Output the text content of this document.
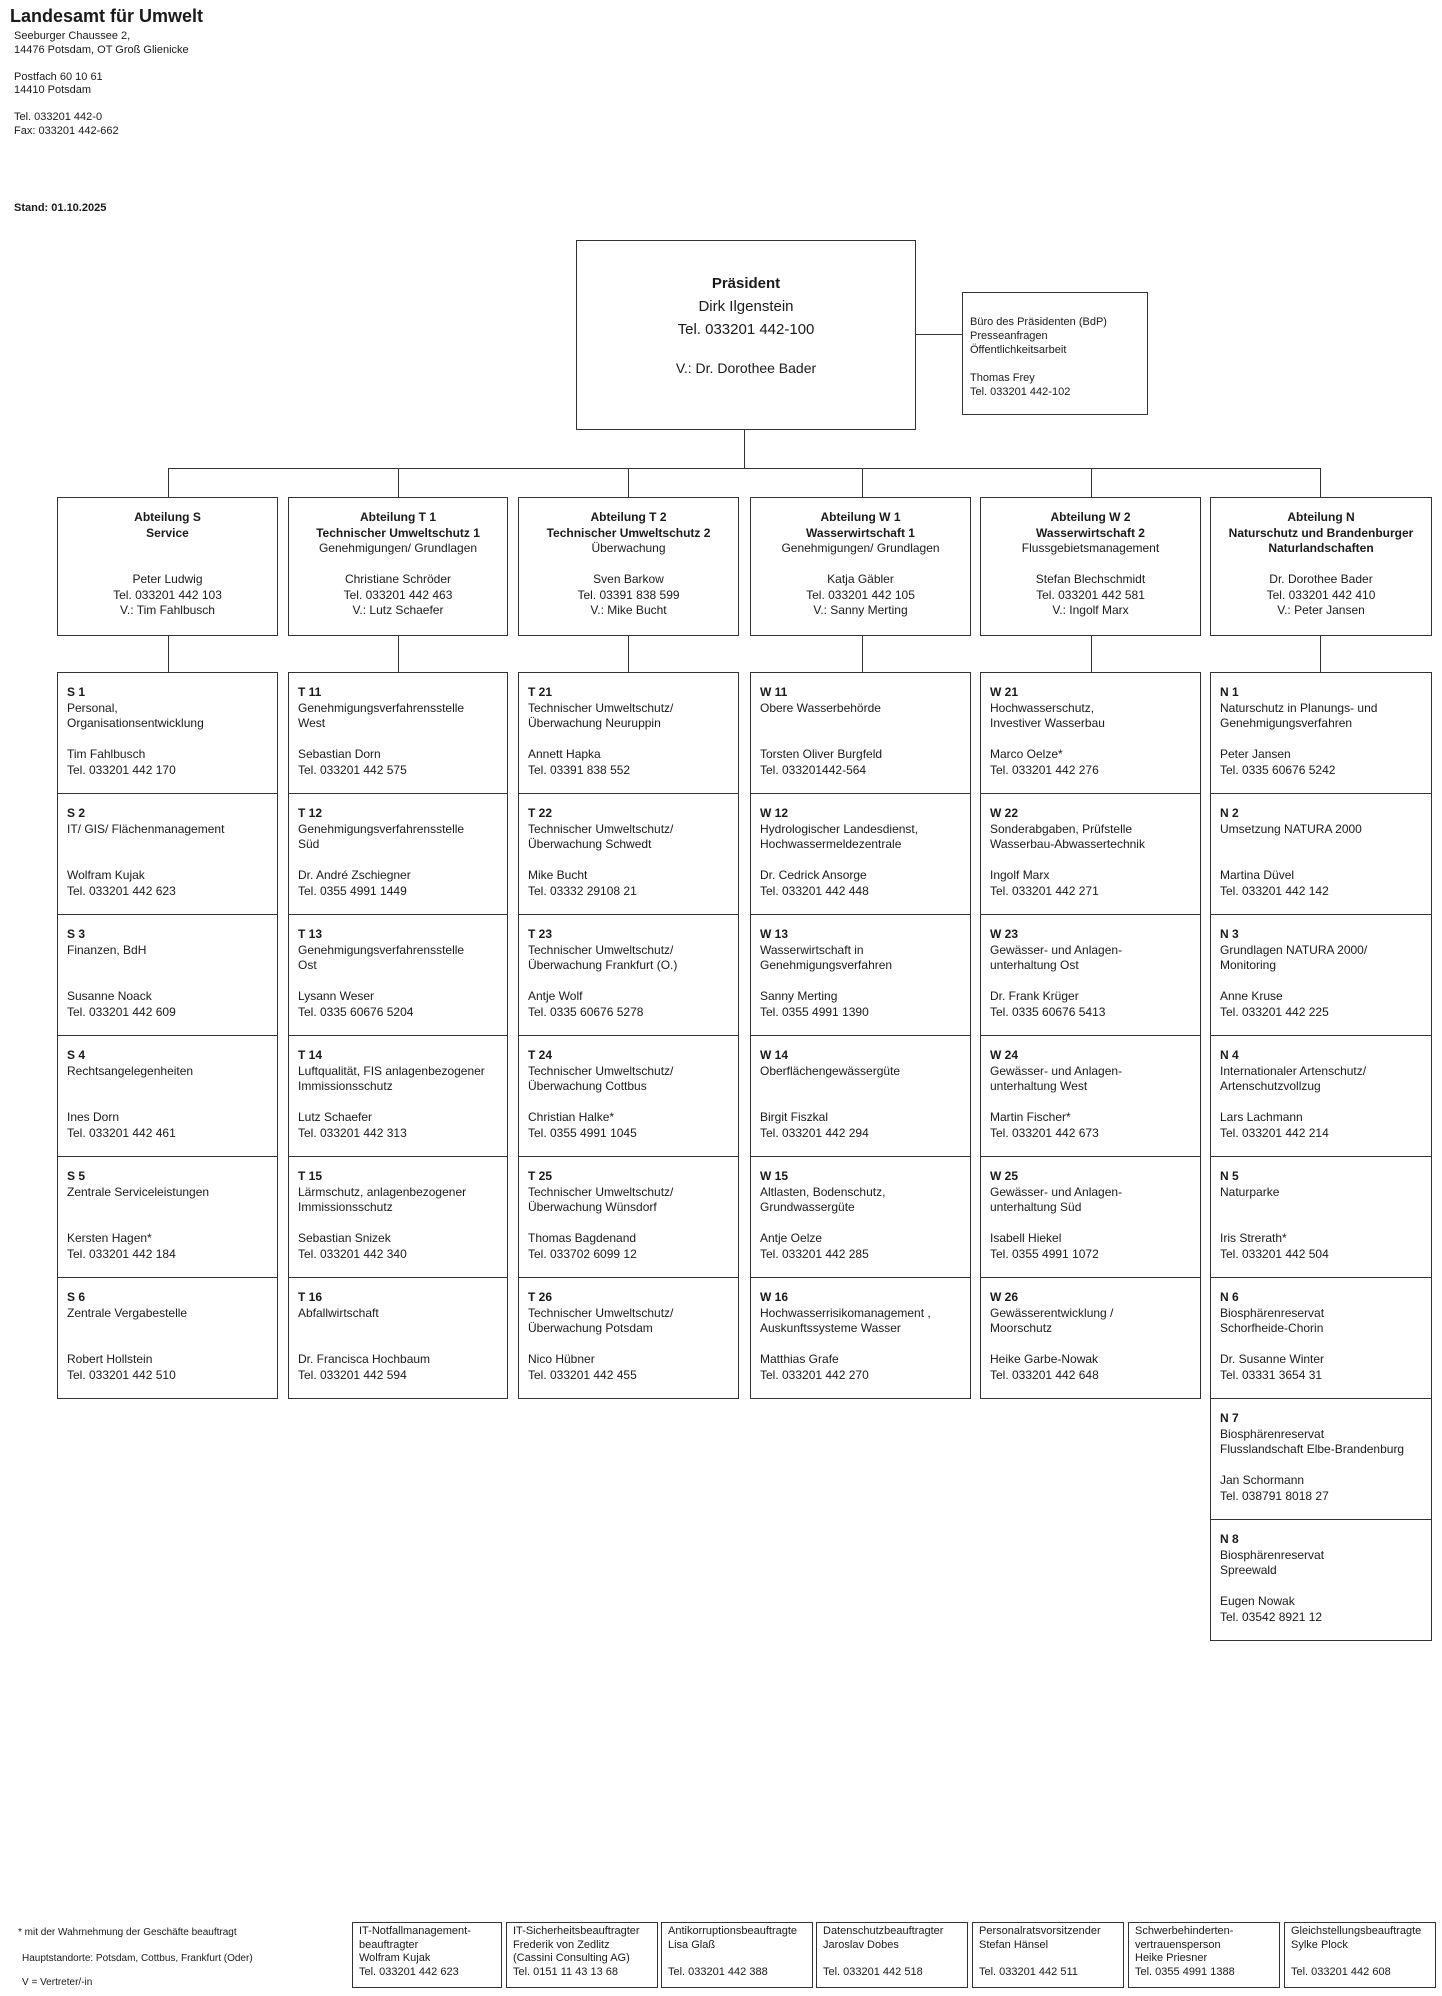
Landesamt für Umwelt
Seeburger Chaussee 2,
14476 Potsdam, OT Groß Glienicke

Postfach 60 10 61
14410 Potsdam

Tel. 033201 442-0
Fax: 033201 442-662
Stand: 01.10.2025
Präsident
Dirk Ilgenstein
Tel. 033201 442-100
V.: Dr. Dorothee Bader
Büro des Präsidenten (BdP)
Presseanfragen
Öffentlichkeitsarbeit

Thomas Frey
Tel. 033201 442-102
Abteilung S
Service
Peter Ludwig
Tel. 033201 442 103
V.: Tim Fahlbusch
Abteilung T 1
Technischer Umweltschutz 1
Genehmigungen/ Grundlagen
Christiane Schröder
Tel. 033201 442 463
V.: Lutz Schaefer
Abteilung T 2
Technischer Umweltschutz 2
Überwachung
Sven Barkow
Tel. 03391 838 599
V.: Mike Bucht
Abteilung W 1
Wasserwirtschaft 1
Genehmigungen/ Grundlagen
Katja Gäbler
Tel. 033201 442 105
V.: Sanny Merting
Abteilung W 2
Wasserwirtschaft 2
Flussgebietsmanagement
Stefan Blechschmidt
Tel. 033201 442 581
V.: Ingolf Marx
Abteilung N
Naturschutz und Brandenburger
Naturlandschaften
Dr. Dorothee Bader
Tel. 033201 442 410
V.: Peter Jansen
S 1
Personal,
Organisationsentwicklung
Tim Fahlbusch
Tel. 033201 442 170
S 2
IT/ GIS/ Flächenmanagement
Wolfram Kujak
Tel. 033201 442 623
S 3
Finanzen, BdH
Susanne Noack
Tel. 033201 442 609
S 4
Rechtsangelegenheiten
Ines Dorn
Tel. 033201 442 461
S 5
Zentrale Serviceleistungen
Kersten Hagen*
Tel. 033201 442 184
S 6
Zentrale Vergabestelle
Robert Hollstein
Tel. 033201 442 510
T 11
Genehmigungsverfahrensstelle
West
Sebastian Dorn
Tel. 033201 442 575
T 12
Genehmigungsverfahrensstelle
Süd
Dr. André Zschiegner
Tel. 0355 4991 1449
T 13
Genehmigungsverfahrensstelle
Ost
Lysann Weser
Tel. 0335 60676 5204
T 14
Luftqualität, FIS anlagenbezogener
Immissionsschutz
Lutz Schaefer
Tel. 033201 442 313
T 15
Lärmschutz, anlagenbezogener
Immissionsschutz
Sebastian Snizek
Tel. 033201 442 340
T 16
Abfallwirtschaft
Dr. Francisca Hochbaum
Tel. 033201 442 594
T 21
Technischer Umweltschutz/
Überwachung Neuruppin
Annett Hapka
Tel. 03391 838 552
T 22
Technischer Umweltschutz/
Überwachung Schwedt
Mike Bucht
Tel. 03332 29108 21
T 23
Technischer Umweltschutz/
Überwachung Frankfurt (O.)
Antje Wolf
Tel. 0335 60676 5278
T 24
Technischer Umweltschutz/
Überwachung Cottbus
Christian Halke*
Tel. 0355 4991 1045
T 25
Technischer Umweltschutz/
Überwachung Wünsdorf
Thomas Bagdenand
Tel. 033702 6099 12
T 26
Technischer Umweltschutz/
Überwachung Potsdam
Nico Hübner
Tel. 033201 442 455
W 11
Obere Wasserbehörde
Torsten Oliver Burgfeld
Tel. 033201442-564
W 12
Hydrologischer Landesdienst,
Hochwassermeldezentrale
Dr. Cedrick Ansorge
Tel. 033201 442 448
W 13
Wasserwirtschaft in
Genehmigungsverfahren
Sanny Merting
Tel. 0355 4991 1390
W 14
Oberflächengewässergüte
Birgit Fiszkal
Tel. 033201 442 294
W 15
Altlasten, Bodenschutz,
Grundwassergüte
Antje Oelze
Tel. 033201 442 285
W 16
Hochwasserrisikomanagement ,
Auskunftssysteme Wasser
Matthias Grafe
Tel. 033201 442 270
W 21
Hochwasserschutz,
Investiver Wasserbau
Marco Oelze*
Tel. 033201 442 276
W 22
Sonderabgaben, Prüfstelle
Wasserbau-Abwassertechnik
Ingolf Marx
Tel. 033201 442 271
W 23
Gewässer- und Anlagen-
unterhaltung Ost
Dr. Frank Krüger
Tel. 0335 60676 5413
W 24
Gewässer- und Anlagen-
unterhaltung West
Martin Fischer*
Tel. 033201 442 673
W 25
Gewässer- und Anlagen-
unterhaltung Süd
Isabell Hiekel
Tel. 0355 4991 1072
W 26
Gewässerentwicklung /
Moorschutz
Heike Garbe-Nowak
Tel. 033201 442 648
N 1
Naturschutz in Planungs- und
Genehmigungsverfahren
Peter Jansen
Tel. 0335 60676 5242
N 2
Umsetzung NATURA 2000
Martina Düvel
Tel. 033201 442 142
N 3
Grundlagen NATURA 2000/
Monitoring
Anne Kruse
Tel. 033201 442 225
N 4
Internationaler Artenschutz/
Artenschutzvollzug
Lars Lachmann
Tel. 033201 442 214
N 5
Naturparke
Iris Strerath*
Tel. 033201 442 504
N 6
Biosphärenreservat
Schorfheide-Chorin
Dr. Susanne Winter
Tel. 03331 3654 31
N 7
Biosphärenreservat
Flusslandschaft Elbe-Brandenburg
Jan Schormann
Tel. 038791 8018 27
N 8
Biosphärenreservat
Spreewald
Eugen Nowak
Tel. 03542 8921 12
* mit der Wahrnehmung der Geschäfte beauftragt
Hauptstandorte: Potsdam, Cottbus, Frankfurt (Oder)
V = Vertreter/-in
IT-Notfallmanagement-
beauftragter
Wolfram Kujak
Tel. 033201 442 623
IT-Sicherheitsbeauftragter
Frederik von Zedlitz
(Cassini Consulting AG)
Tel. 0151 11 43 13 68
Antikorruptionsbeauftragte
Lisa Glaß
Tel. 033201 442 388
Datenschutzbeauftragter
Jaroslav Dobes
Tel. 033201 442 518
Personalratsvorsitzender
Stefan Hänsel
Tel. 033201 442 511
Schwerbehinderten-
vertrauensperson
Heike Priesner
Tel. 0355 4991 1388
Gleichstellungsbeauftragte
Sylke Plock
Tel. 033201 442 608
